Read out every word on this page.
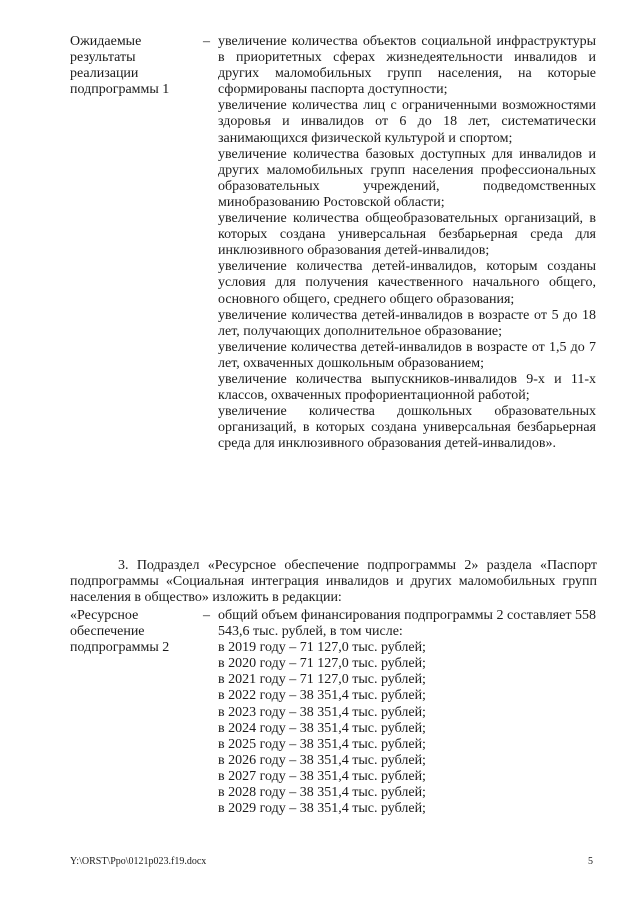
Ожидаемые
результаты
реализации
подпрограммы 1
– увеличение количества объектов социальной инфраструктуры в приоритетных сферах жизнедеятельности инвалидов и других маломобильных групп населения, на которые сформированы паспорта доступности;

увеличение количества лиц с ограниченными возможностями здоровья и инвалидов от 6 до 18 лет, систематически занимающихся физической культурой и спортом;

увеличение количества базовых доступных для инвалидов и других маломобильных групп населения профессиональных образовательных учреждений, подведомственных минобразованию Ростовской области;

увеличение количества общеобразовательных организаций, в которых создана универсальная безбарьерная среда для инклюзивного образования детей-инвалидов;

увеличение количества детей-инвалидов, которым созданы условия для получения качественного начального общего, основного общего, среднего общего образования;

увеличение количества детей-инвалидов в возрасте от 5 до 18 лет, получающих дополнительное образование;

увеличение количества детей-инвалидов в возрасте от 1,5 до 7 лет, охваченных дошкольным образованием;

увеличение количества выпускников-инвалидов 9-х и 11-х классов, охваченных профориентационной работой;

увеличение количества дошкольных образовательных организаций, в которых создана универсальная безбарьерная среда для инклюзивного образования детей-инвалидов».

3. Подраздел «Ресурсное обеспечение подпрограммы 2» раздела «Паспорт подпрограммы «Социальная интеграция инвалидов и других маломобильных групп населения в общество» изложить в редакции:

«Ресурсное
обеспечение
подпрограммы 2
– общий объем финансирования подпрограммы 2 составляет 558 543,6 тыс. рублей, в том числе:

в 2019 году – 71 127,0 тыс. рублей;

в 2020 году – 71 127,0 тыс. рублей;

в 2021 году – 71 127,0 тыс. рублей;

в 2022 году – 38 351,4 тыс. рублей;

в 2023 году – 38 351,4 тыс. рублей;

в 2024 году – 38 351,4 тыс. рублей;

в 2025 году – 38 351,4 тыс. рублей;

в 2026 году – 38 351,4 тыс. рублей;

в 2027 году – 38 351,4 тыс. рублей;

в 2028 году – 38 351,4 тыс. рублей;

в 2029 году – 38 351,4 тыс. рублей;

Y:\ORST\Ppo\0121p023.f19.docx	5
